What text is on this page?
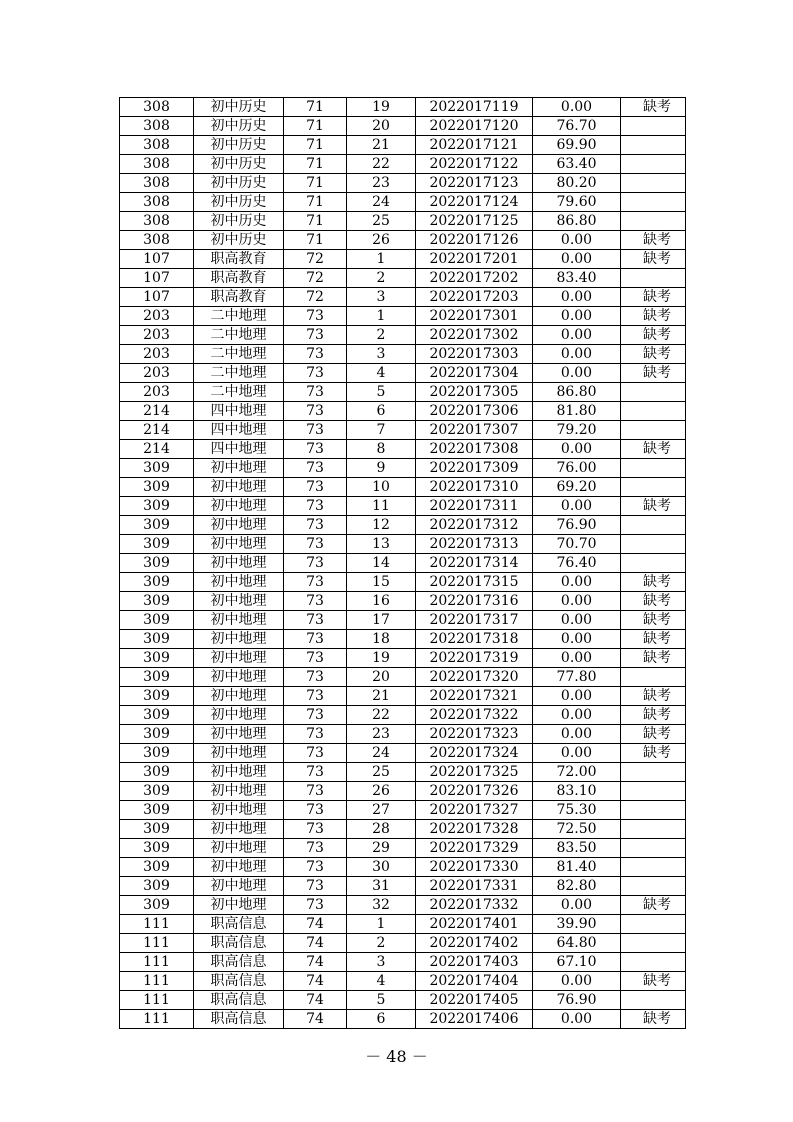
308	初中历史	71	19	2022017119	0.00	缺考
308	初中历史	71	20	2022017120	76.70	
308	初中历史	71	21	2022017121	69.90	
308	初中历史	71	22	2022017122	63.40	
308	初中历史	71	23	2022017123	80.20	
308	初中历史	71	24	2022017124	79.60	
308	初中历史	71	25	2022017125	86.80	
308	初中历史	71	26	2022017126	0.00	缺考
107	职高教育	72	1	2022017201	0.00	缺考
107	职高教育	72	2	2022017202	83.40	
107	职高教育	72	3	2022017203	0.00	缺考
203	二中地理	73	1	2022017301	0.00	缺考
203	二中地理	73	2	2022017302	0.00	缺考
203	二中地理	73	3	2022017303	0.00	缺考
203	二中地理	73	4	2022017304	0.00	缺考
203	二中地理	73	5	2022017305	86.80	
214	四中地理	73	6	2022017306	81.80	
214	四中地理	73	7	2022017307	79.20	
214	四中地理	73	8	2022017308	0.00	缺考
309	初中地理	73	9	2022017309	76.00	
309	初中地理	73	10	2022017310	69.20	
309	初中地理	73	11	2022017311	0.00	缺考
309	初中地理	73	12	2022017312	76.90	
309	初中地理	73	13	2022017313	70.70	
309	初中地理	73	14	2022017314	76.40	
309	初中地理	73	15	2022017315	0.00	缺考
309	初中地理	73	16	2022017316	0.00	缺考
309	初中地理	73	17	2022017317	0.00	缺考
309	初中地理	73	18	2022017318	0.00	缺考
309	初中地理	73	19	2022017319	0.00	缺考
309	初中地理	73	20	2022017320	77.80	
309	初中地理	73	21	2022017321	0.00	缺考
309	初中地理	73	22	2022017322	0.00	缺考
309	初中地理	73	23	2022017323	0.00	缺考
309	初中地理	73	24	2022017324	0.00	缺考
309	初中地理	73	25	2022017325	72.00	
309	初中地理	73	26	2022017326	83.10	
309	初中地理	73	27	2022017327	75.30	
309	初中地理	73	28	2022017328	72.50	
309	初中地理	73	29	2022017329	83.50	
309	初中地理	73	30	2022017330	81.40	
309	初中地理	73	31	2022017331	82.80	
309	初中地理	73	32	2022017332	0.00	缺考
111	职高信息	74	1	2022017401	39.90	
111	职高信息	74	2	2022017402	64.80	
111	职高信息	74	3	2022017403	67.10	
111	职高信息	74	4	2022017404	0.00	缺考
111	职高信息	74	5	2022017405	76.90	
111	职高信息	74	6	2022017406	0.00	缺考
－ 48 －
